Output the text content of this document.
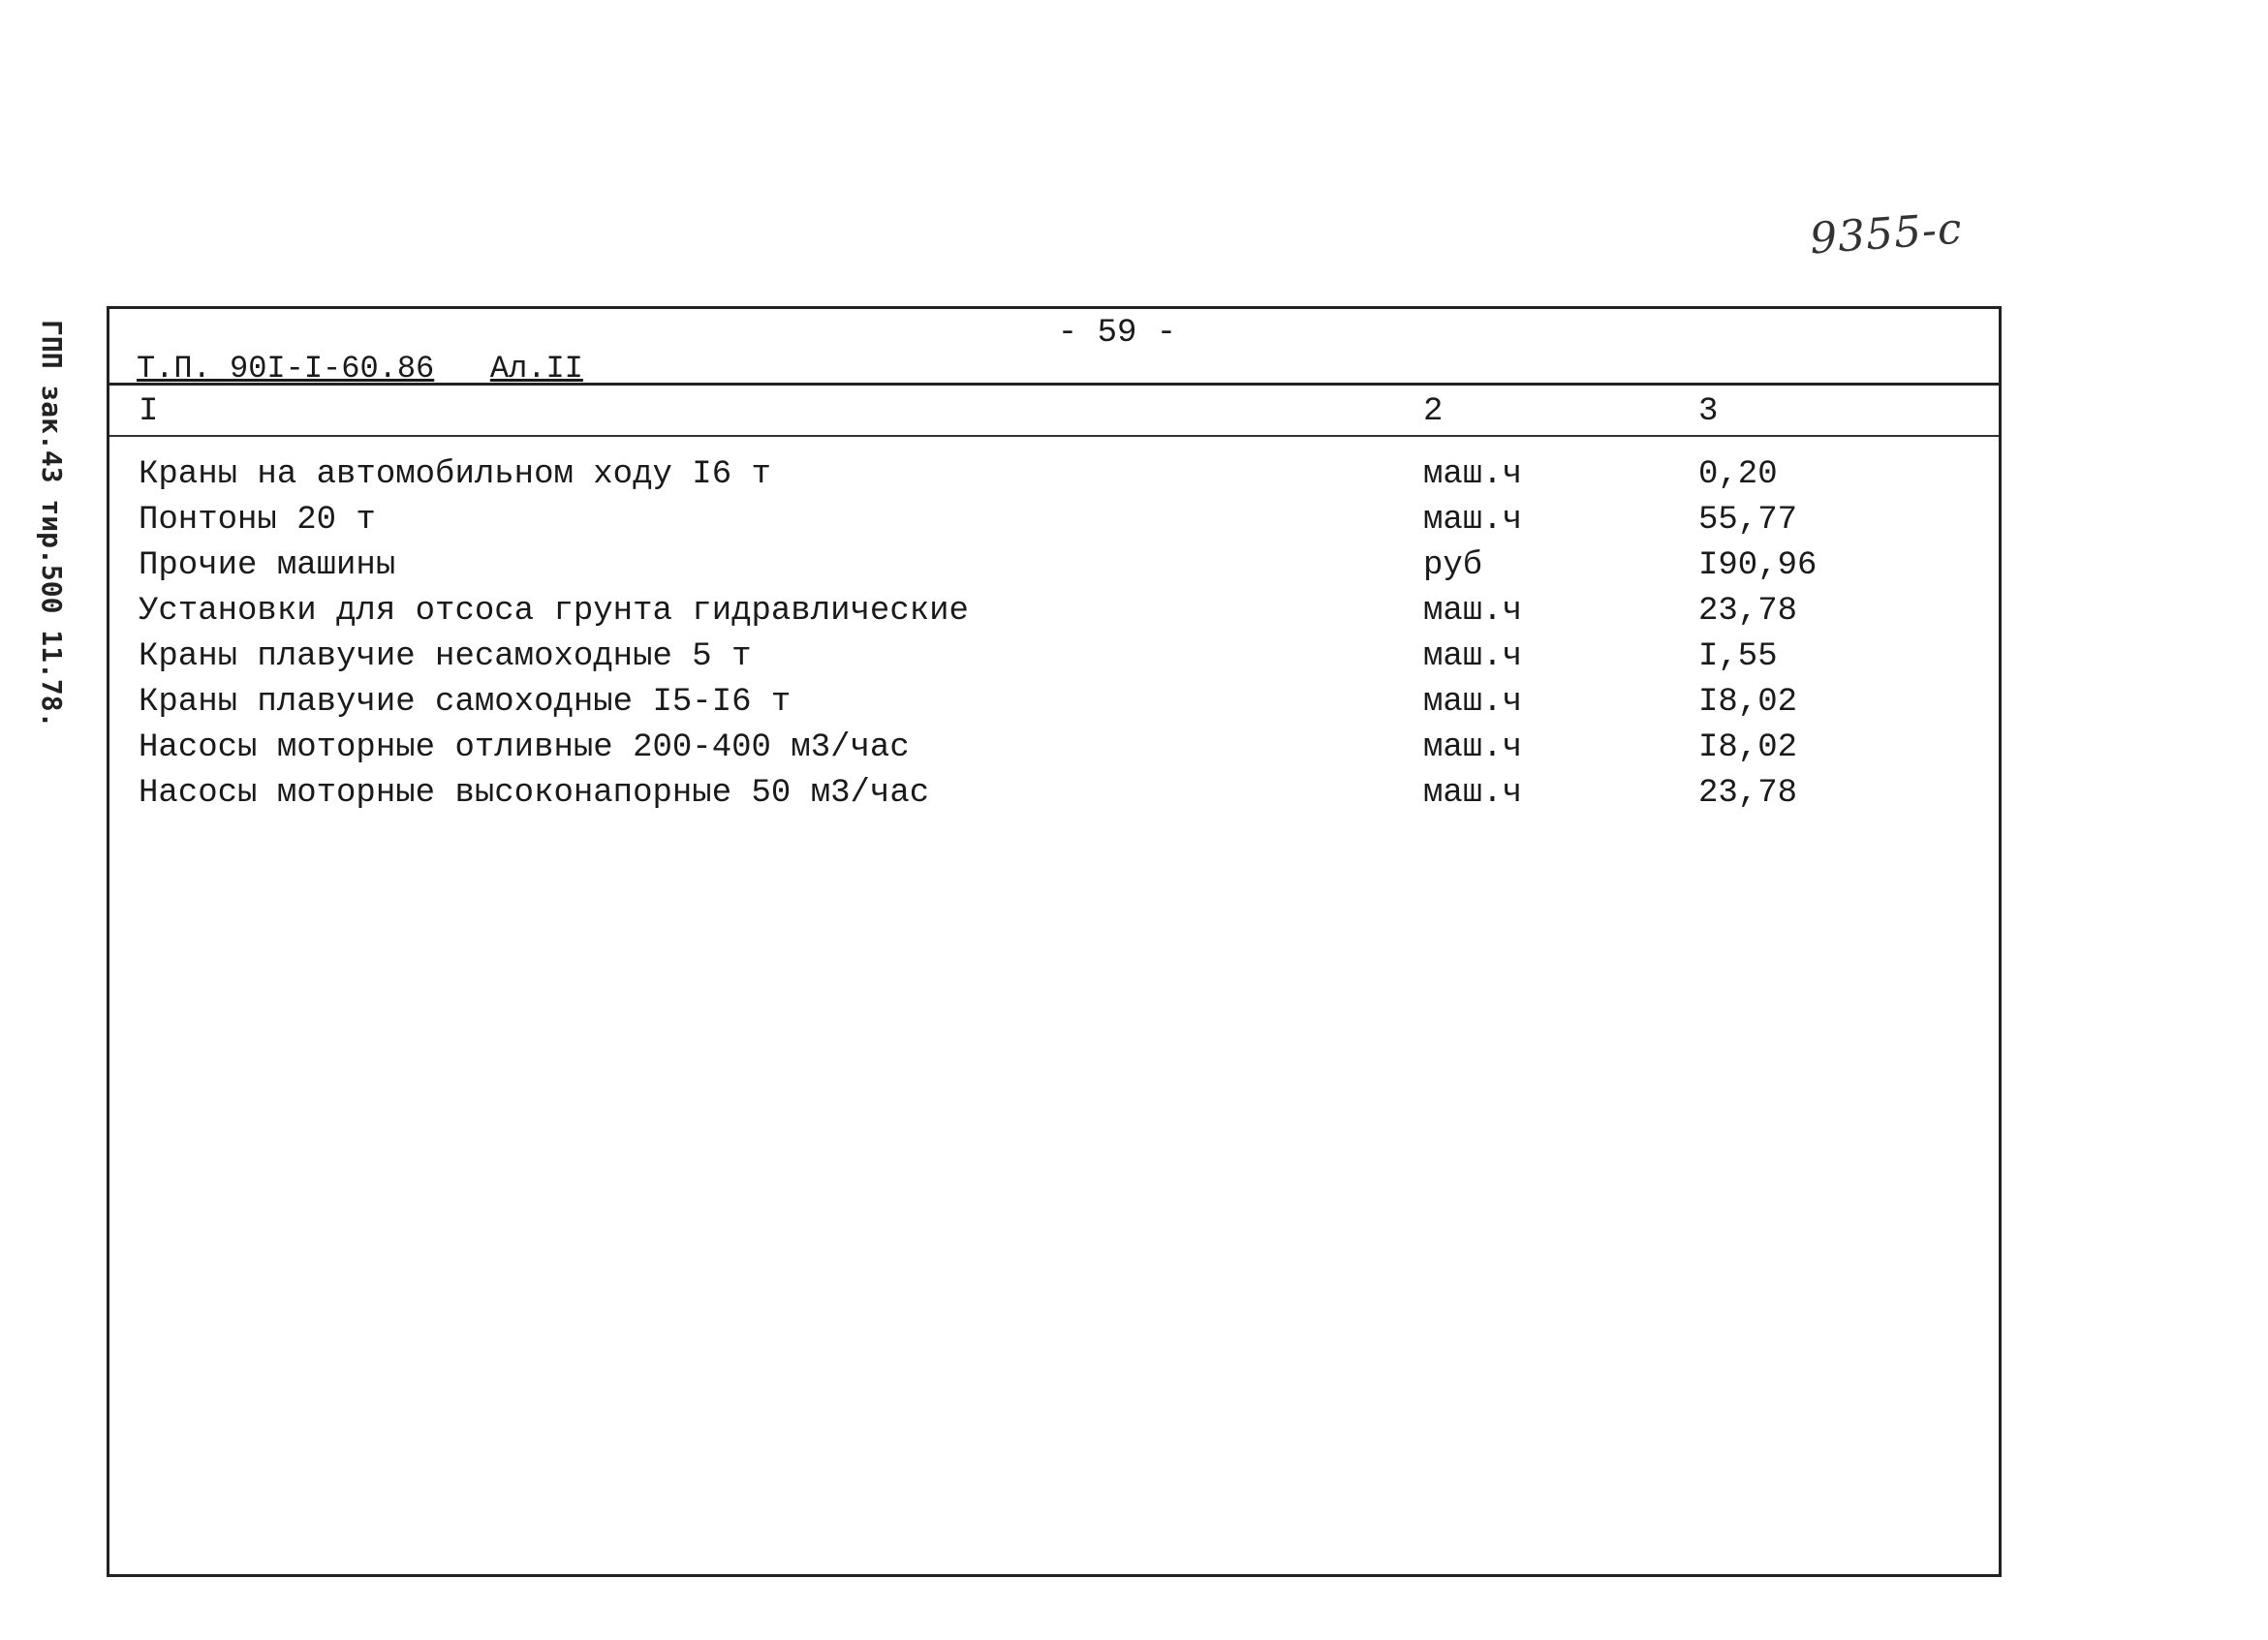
9355-с
ГПП зак.43 тир.500 11.78.	- 59 -
Т.П. 90I-I-60.86 Ал.II
I	2	3
Краны на автомобильном ходу I6 т	маш.ч	0,20
Понтоны 20 т	маш.ч	55,77
Прочие машины	руб	I90,96
Установки для отсоса грунта гидравлические	маш.ч	23,78
Краны плавучие несамоходные 5 т	маш.ч	I,55
Краны плавучие самоходные I5-I6 т	маш.ч	I8,02
Насосы моторные отливные 200-400 м3/час	маш.ч	I8,02
Насосы моторные высоконапорные 50 м3/час	маш.ч	23,78
